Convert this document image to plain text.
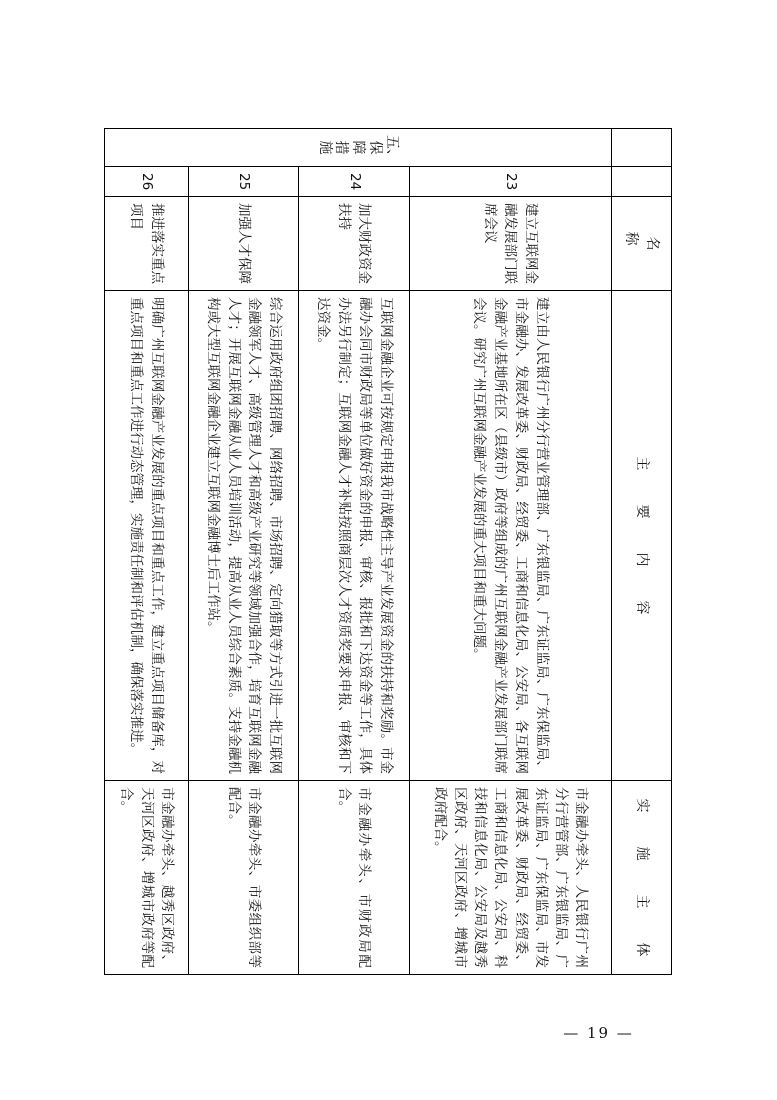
		名　称	主　要　内　容	实　施　主　体

五、保障措施	23	建立互联网金融发展部门联席会议	建立由人民银行广州分行营业管理部、广东银监局、广东证监局、广东保监局、市金融办、发展改革委、财政局、经贸委、工商和信息化局、公安局、各互联网金融产业基地所在区（县级市）政府等组成的广州互联网金融产业发展部门联席会议。研究广州互联网金融产业发展的重大项目和重大问题。	市金融办牵头、人民银行广州分行营管部、广东银监局、广东证监局、广东保监局、市发展改革委、财政局、经贸委、工商和信息化局、公安局、科技和信息化局、公安局及越秀区政府、天河区政府、增城市政府配合。

	24	加大财政资金扶持	互联网金融企业可按规定申报我市战略性主导产业发展资金的扶持和奖励。市金融办会同市财政局等单位做好资金的申报、审核、报批和下达资金等工作，具体办法另行制定；互联网金融人才补贴按照商层次人才资质奖要求申报、审核和下达资金。	市金融办牵头、市财政局配合。

	25	加强人才保障	综合运用政府组团招聘、网络招聘、市场招聘、定向猎取等方式引进一批互联网金融领军人才、高级管理人才和高级产业研究等领域加强合作，培育互联网金融人才；开展互联网金融从业人员培训活动，提高从业人员综合素质。支持金融机构或大型互联网金融企业建立互联网金融博士后工作站。	市金融办牵头、市委组织部等配合。

	26	推进落实重点项目	明确广州互联网金融产业发展的重点项目和重点工作，建立重点项目储备库，对重点项目和重点工作进行动态管理，实施责任制和评估机制，确保落实推进。	市金融办牵头、越秀区政府、天河区政府、增城市政府等配合。
— 19 —
